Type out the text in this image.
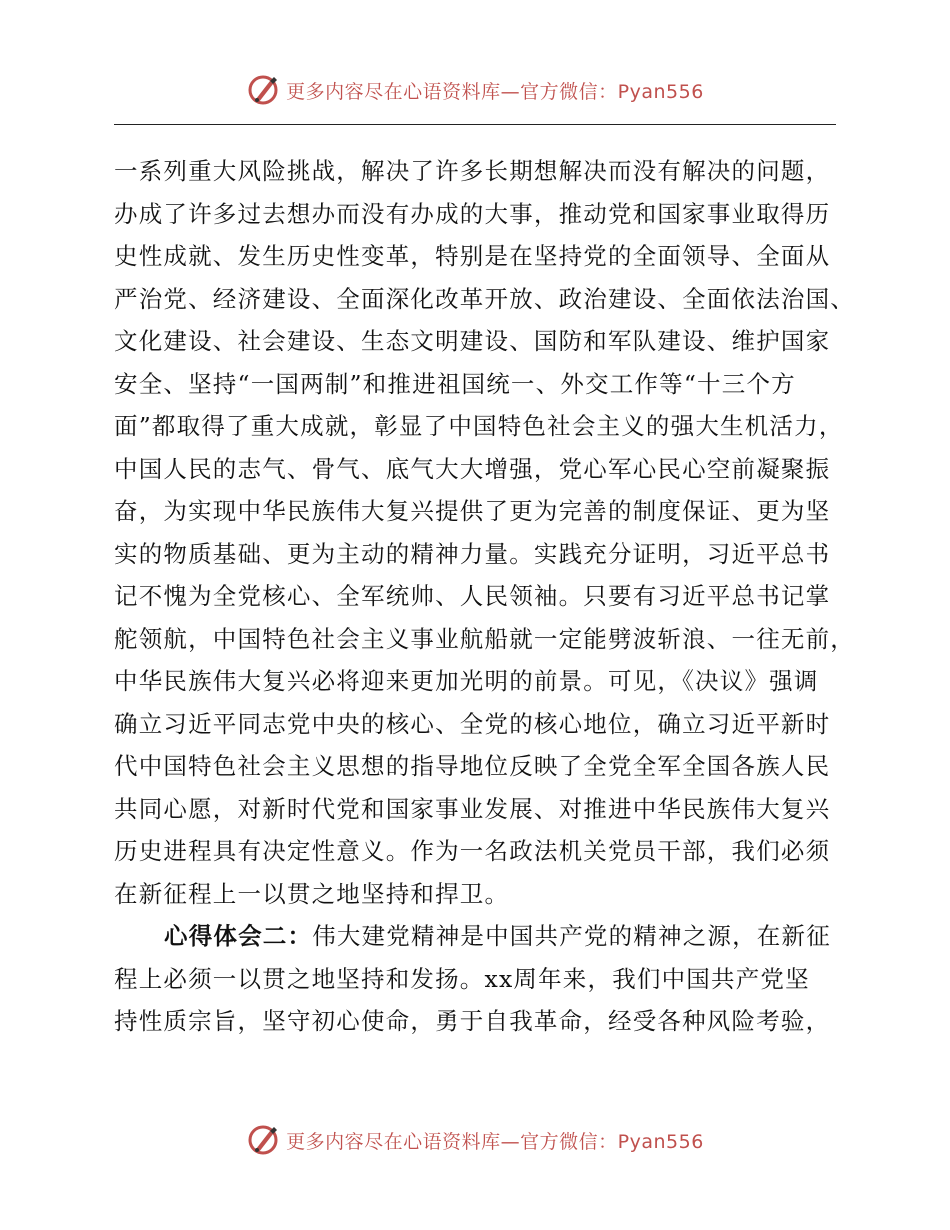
更多内容尽在心语资料库—官方微信：Pyan556
一系列重大风险挑战，解决了许多长期想解决而没有解决的问题，
办成了许多过去想办而没有办成的大事，推动党和国家事业取得历
史性成就、发生历史性变革，特别是在坚持党的全面领导、全面从
严治党、经济建设、全面深化改革开放、政治建设、全面依法治国、
文化建设、社会建设、生态文明建设、国防和军队建设、维护国家
安全、坚持“一国两制”和推进祖国统一、外交工作等“十三个方
面”都取得了重大成就，彰显了中国特色社会主义的强大生机活力，
中国人民的志气、骨气、底气大大增强，党心军心民心空前凝聚振
奋，为实现中华民族伟大复兴提供了更为完善的制度保证、更为坚
实的物质基础、更为主动的精神力量。实践充分证明，习近平总书
记不愧为全党核心、全军统帅、人民领袖。只要有习近平总书记掌
舵领航，中国特色社会主义事业航船就一定能劈波斩浪、一往无前，
中华民族伟大复兴必将迎来更加光明的前景。可见，《决议》强调
确立习近平同志党中央的核心、全党的核心地位，确立习近平新时
代中国特色社会主义思想的指导地位反映了全党全军全国各族人民
共同心愿，对新时代党和国家事业发展、对推进中华民族伟大复兴
历史进程具有决定性意义。作为一名政法机关党员干部，我们必须
在新征程上一以贯之地坚持和捍卫。
心得体会二：伟大建党精神是中国共产党的精神之源，在新征
程上必须一以贯之地坚持和发扬。xx周年来，我们中国共产党坚
持性质宗旨，坚守初心使命，勇于自我革命，经受各种风险考验，
更多内容尽在心语资料库—官方微信：Pyan556
